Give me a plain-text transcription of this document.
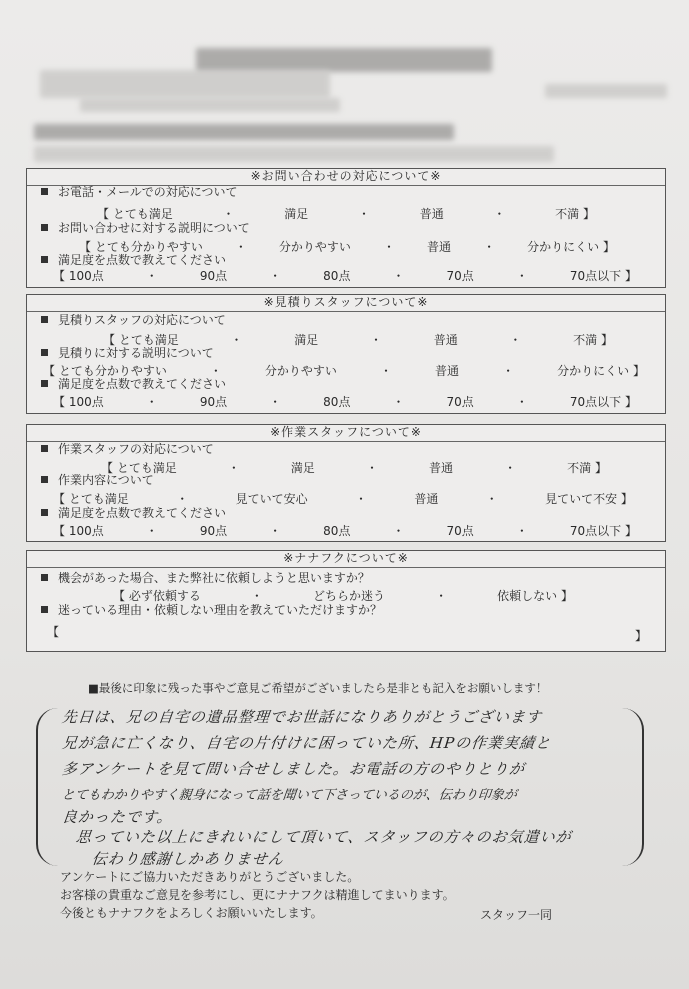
※お問い合わせの対応について※
お電話・メールでの対応について
【 とても満足	・	満足	・	普通	・	不満 】
お問い合わせに対する説明について
【 とても分かりやすい	・	分かりやすい	・	普通	・	分かりにくい 】
満足度を点数で教えてください
【 100点	・	90点	・	80点	・	70点	・	70点以下 】
※見積りスタッフについて※
見積りスタッフの対応について
【 とても満足	・	満足	・	普通	・	不満 】
見積りに対する説明について
【 とても分かりやすい	・	分かりやすい	・	普通	・	分かりにくい 】
満足度を点数で教えてください
【 100点	・	90点	・	80点	・	70点	・	70点以下 】
※作業スタッフについて※
作業スタッフの対応について
【 とても満足	・	満足	・	普通	・	不満 】
作業内容について
【 とても満足	・	見ていて安心	・	普通	・	見ていて不安 】
満足度を点数で教えてください
【 100点	・	90点	・	80点	・	70点	・	70点以下 】
※ナナフクについて※
機会があった場合、また弊社に依頼しようと思いますか？
【 必ず依頼する	・	どちらか迷う	・	依頼しない 】
迷っている理由・依頼しない理由を教えていただけますか？
【	】
■最後に印象に残った事やご意見ご希望がございましたら是非とも記入をお願いします！
先日は、兄の自宅の遺品整理でお世話になりありがとうございます
兄が急に亡くなり、自宅の片付けに困っていた所、HPの作業実績と
多アンケートを見て問い合せしました。お電話の方のやりとりが
とてもわかりやすく親身になって話を聞いて下さっているのが、伝わり印象が
良かったです。
思っていた以上にきれいにして頂いて、スタッフの方々のお気遣いが
伝わり感謝しかありません
アンケートにご協力いただきありがとうございました。
お客様の貴重なご意見を参考にし、更にナナフクは精進してまいります。
今後ともナナフクをよろしくお願いいたします。	スタッフ一同
